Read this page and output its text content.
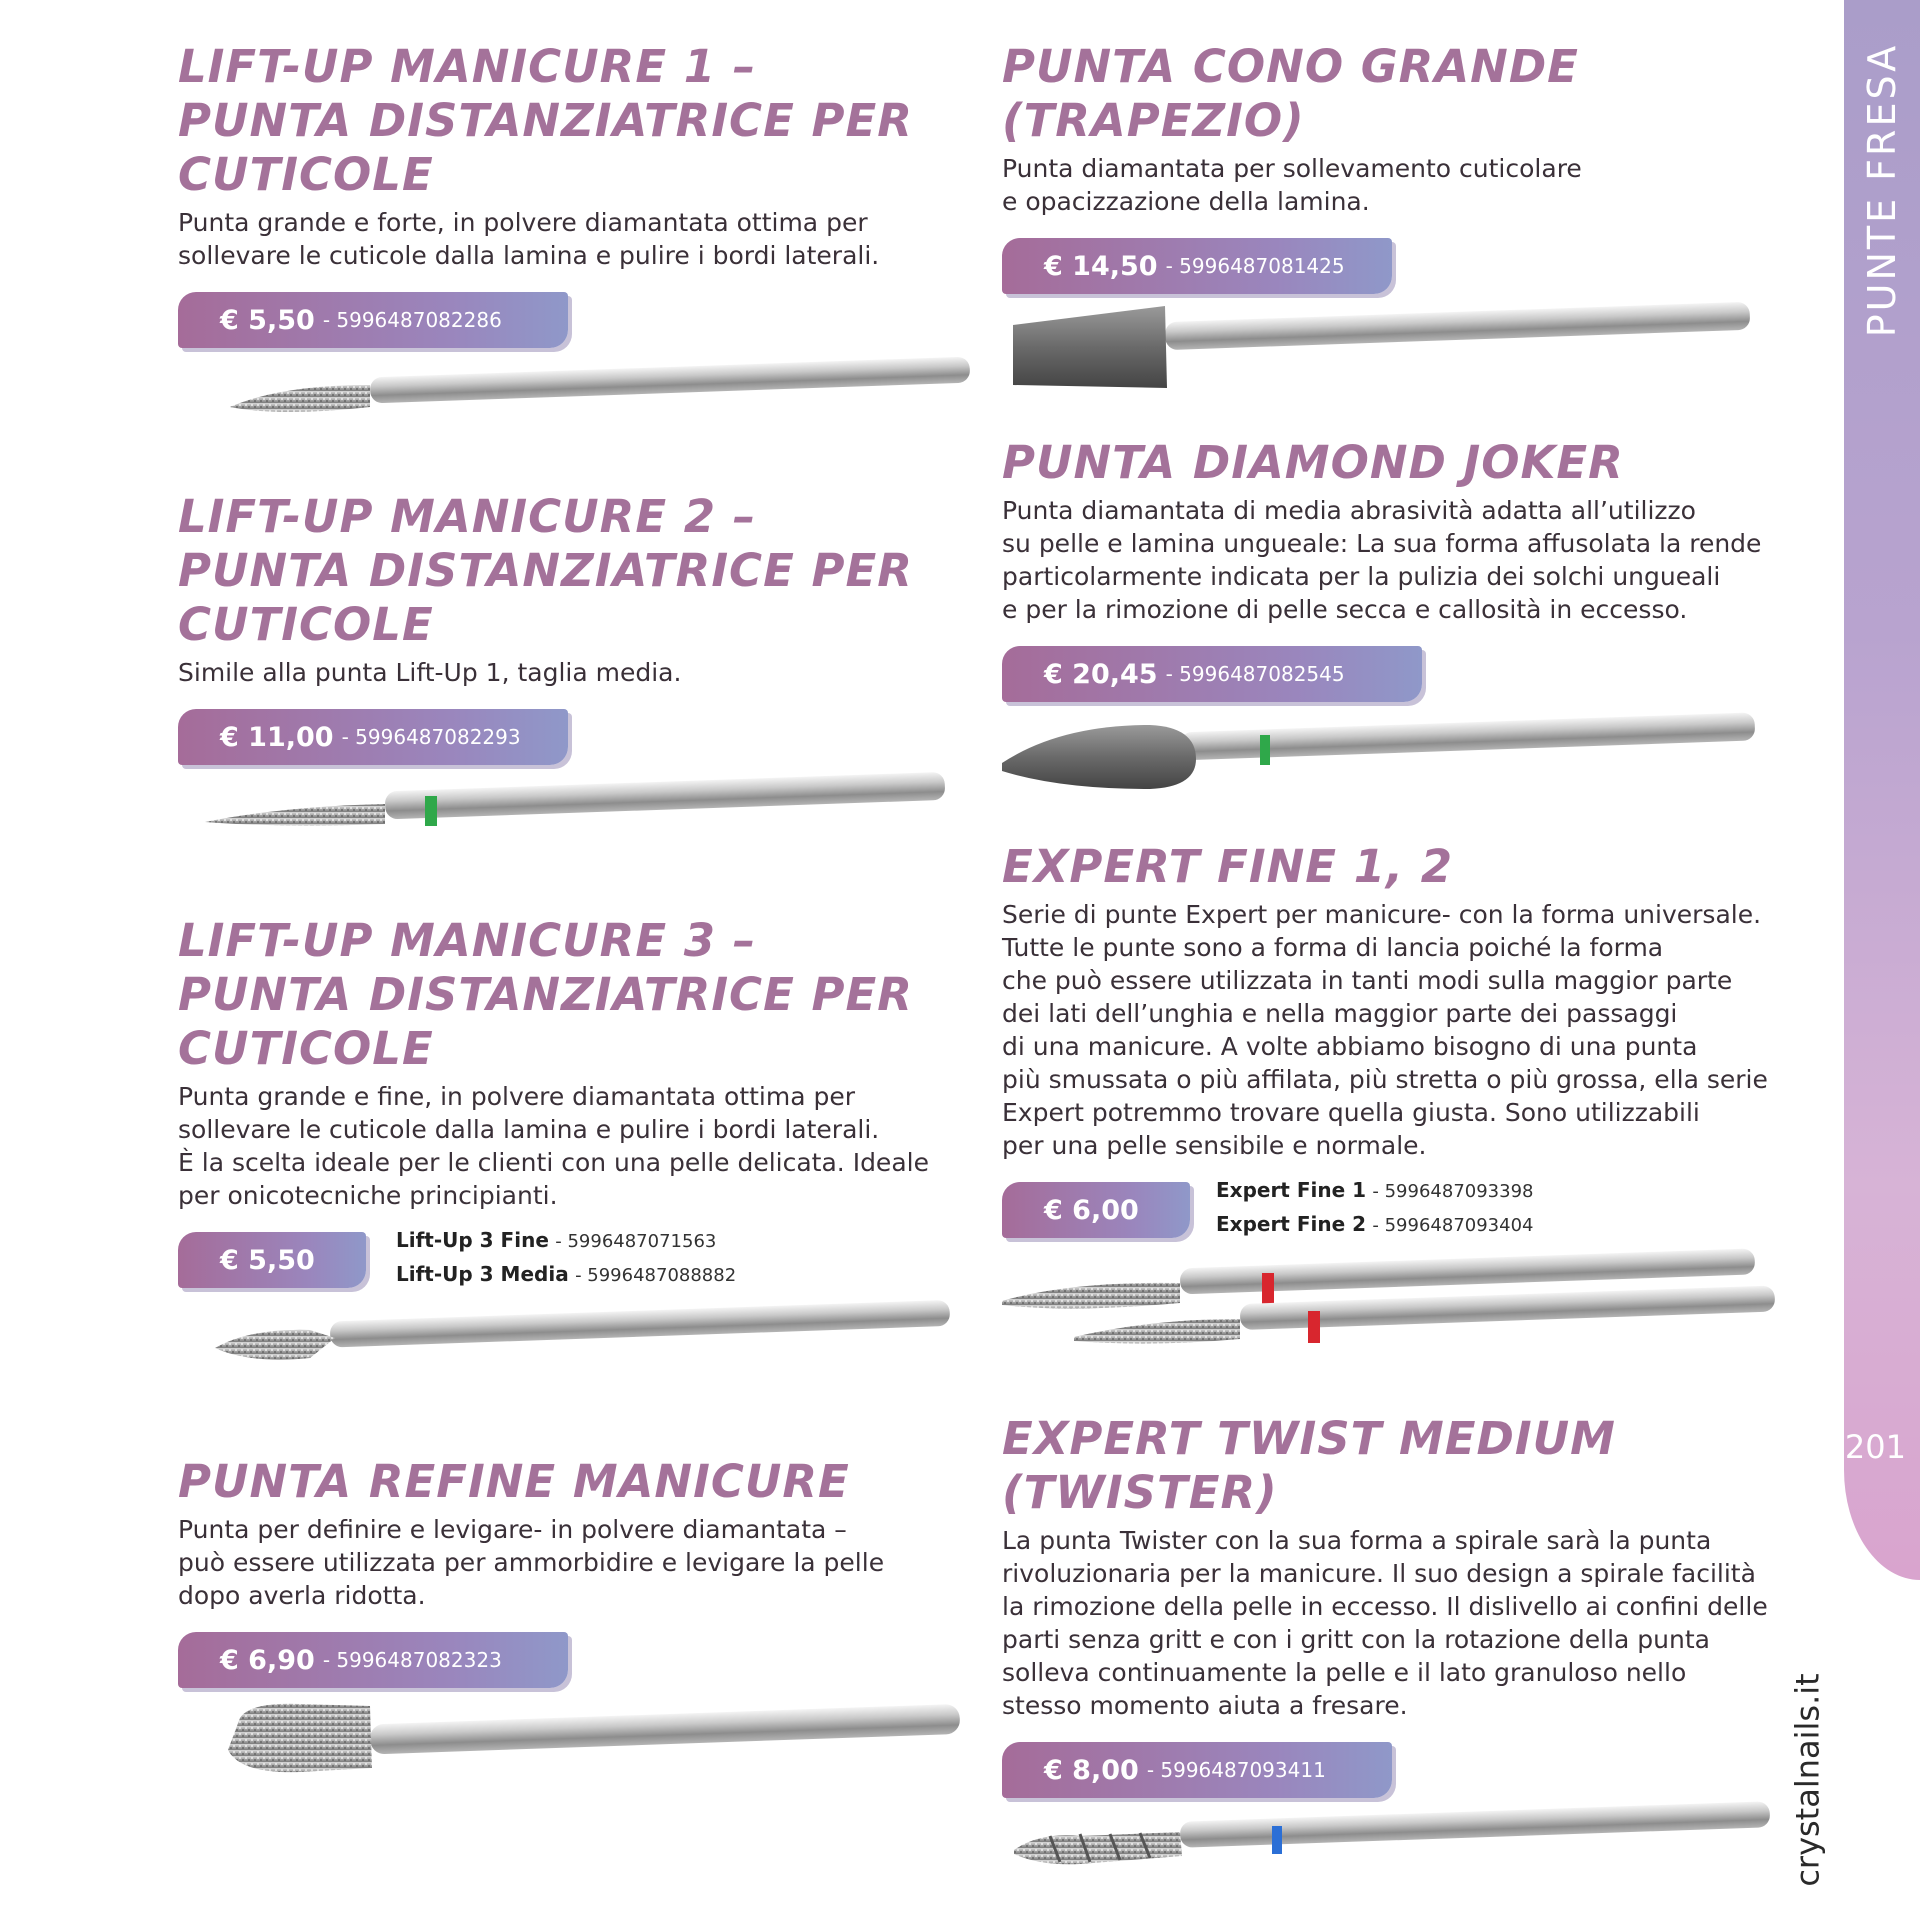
PUNTE FRESA
201
crystalnails.it
LIFT-UP MANICURE 1 –
PUNTA DISTANZIATRICE PER
CUTICOLE
Punta grande e forte, in polvere diamantata ottima per
sollevare le cuticole dalla lamina e pulire i bordi laterali.
€ 5,50 - 5996487082286
LIFT-UP MANICURE 2 –
PUNTA DISTANZIATRICE PER
CUTICOLE
Simile alla punta Lift-Up 1, taglia media.
€ 11,00 - 5996487082293
LIFT-UP MANICURE 3 –
PUNTA DISTANZIATRICE PER
CUTICOLE
Punta grande e fine, in polvere diamantata ottima per
sollevare le cuticole dalla lamina e pulire i bordi laterali.
È la scelta ideale per le clienti con una pelle delicata. Ideale
per onicotecniche principianti.
€ 5,50
Lift-Up 3 Fine - 5996487071563
Lift-Up 3 Media - 5996487088882
PUNTA REFINE MANICURE
Punta per definire e levigare- in polvere diamantata –
può essere utilizzata per ammorbidire e levigare la pelle
dopo averla ridotta.
€ 6,90 - 5996487082323
PUNTA CONO GRANDE
(TRAPEZIO)
Punta diamantata per sollevamento cuticolare
e opacizzazione della lamina.
€ 14,50 - 5996487081425
PUNTA DIAMOND JOKER
Punta diamantata di media abrasività adatta all’utilizzo
su pelle e lamina ungueale: La sua forma affusolata la rende
particolarmente indicata per la pulizia dei solchi ungueali
e per la rimozione di pelle secca e callosità in eccesso.
€ 20,45 - 5996487082545
EXPERT FINE 1, 2
Serie di punte Expert per manicure- con la forma universale.
Tutte le punte sono a forma di lancia poiché la forma
che può essere utilizzata in tanti modi sulla maggior parte
dei lati dell’unghia e nella maggior parte dei passaggi
di una manicure. A volte abbiamo bisogno di una punta
più smussata o più affilata, più stretta o più grossa, ella serie
Expert potremmo trovare quella giusta. Sono utilizzabili
per una pelle sensibile e normale.
€ 6,00
Expert Fine 1 - 5996487093398
Expert Fine 2 - 5996487093404
EXPERT TWIST MEDIUM
(TWISTER)
La punta Twister con la sua forma a spirale sarà la punta
rivoluzionaria per la manicure. Il suo design a spirale facilità
la rimozione della pelle in eccesso. Il dislivello ai confini delle
parti senza gritt e con i gritt con la rotazione della punta
solleva continuamente la pelle e il lato granuloso nello
stesso momento aiuta a fresare.
€ 8,00 - 5996487093411
